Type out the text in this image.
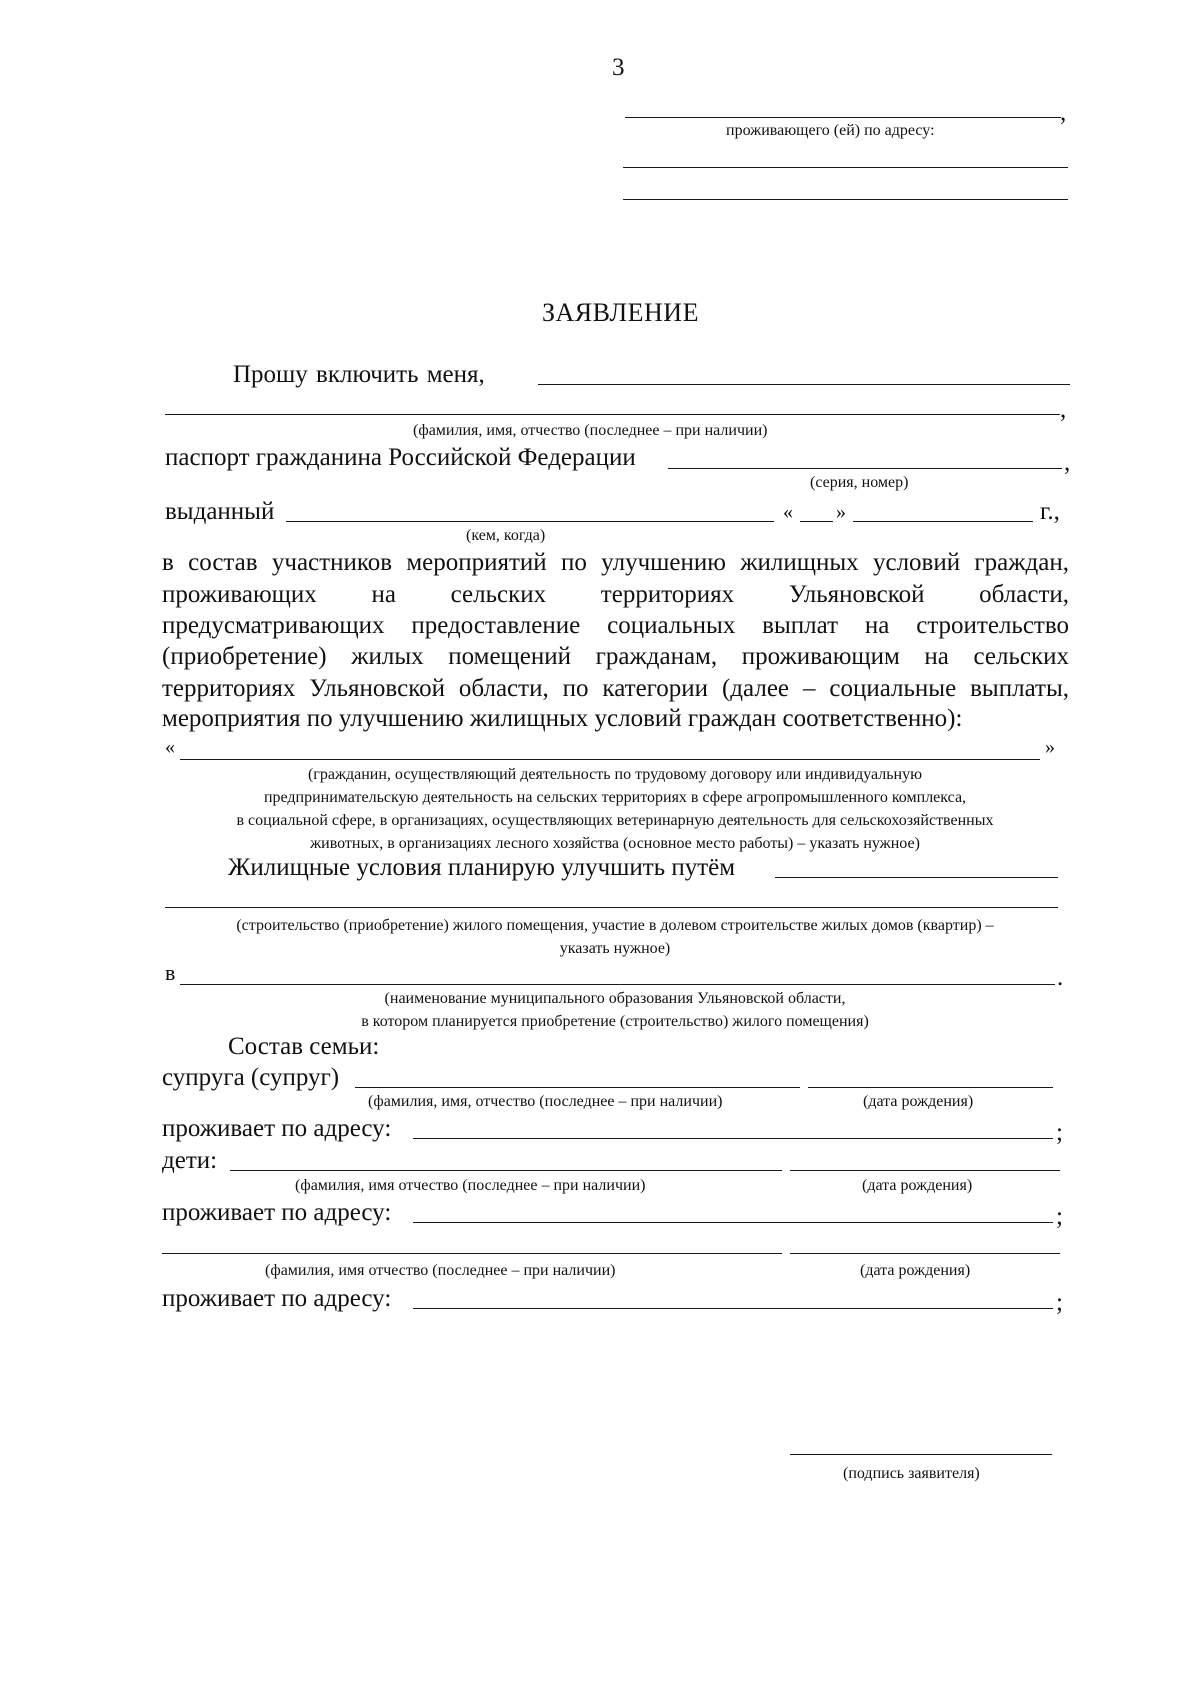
3
,
проживающего (ей) по адресу:
ЗАЯВЛЕНИЕ
Прошу включить меня,
,
(фамилия, имя, отчество (последнее – при наличии)
паспорт гражданина Российской Федерации	,
(серия, номер)
выданный	« »	г.,
(кем, когда)
в состав участников мероприятий по улучшению жилищных условий граждан,
проживающих на сельских территориях Ульяновской области,
предусматривающих предоставление социальных выплат на строительство
(приобретение) жилых помещений гражданам, проживающим на сельских
территориях Ульяновской области, по категории (далее – социальные выплаты,
мероприятия по улучшению жилищных условий граждан соответственно):
«	»
(гражданин, осуществляющий деятельность по трудовому договору или индивидуальную
предпринимательскую деятельность на сельских территориях в сфере агропромышленного комплекса,
в социальной сфере, в организациях, осуществляющих ветеринарную деятельность для сельскохозяйственных
животных, в организациях лесного хозяйства (основное место работы) – указать нужное)
Жилищные условия планирую улучшить путём
(строительство (приобретение) жилого помещения, участие в долевом строительстве жилых домов (квартир) –
указать нужное)
в	.
(наименование муниципального образования Ульяновской области,
в котором планируется приобретение (строительство) жилого помещения)
Состав семьи:
супруга (супруг)
(фамилия, имя, отчество (последнее – при наличии)	(дата рождения)
проживает по адресу:	;
дети:
(фамилия, имя отчество (последнее – при наличии)	(дата рождения)
проживает по адресу:	;
(фамилия, имя отчество (последнее – при наличии)	(дата рождения)
проживает по адресу:	;
(подпись заявителя)
